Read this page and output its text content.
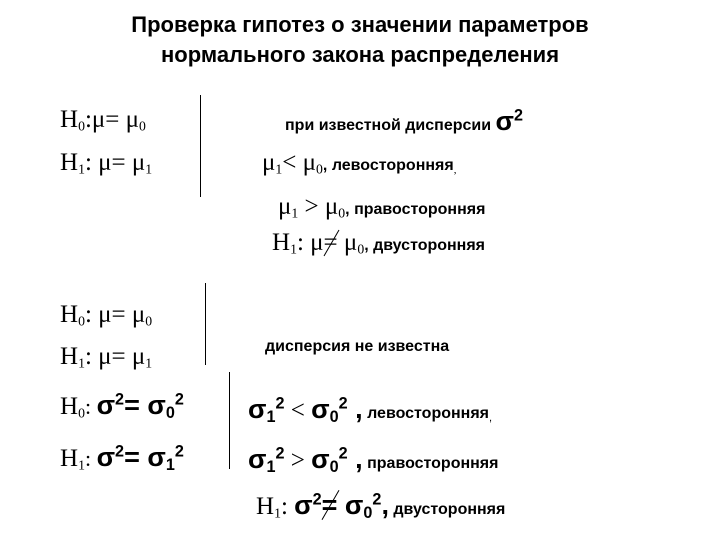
Проверка гипотез о значении параметров
нормального закона распределения
$H_0:\mu= \mu_0$
$H_1$: $\mu= \mu_1$
при известной дисперсии $\sigma^2$
$\mu_1< \mu_0$, левосторонняя$_,$
$\mu_1 > \mu_0$, правосторонняя
$H_1$: $\mu= \mu_0$, двусторонняя
$H_0$: $\mu= \mu_0$
$H_1$: $\mu= \mu_1$
дисперсия не известна
$H_0$: $\sigma^2= \sigma 0^2$
$H_1$: $\sigma^2= \sigma 1^2$
$\sigma 1^2 < \sigma 0^2$ , левосторонняя$_,$
$\sigma 1^2 > \sigma 0^2$ , правосторонняя
$H_1$: $\sigma^2= \sigma 0^2$, двусторонняя
